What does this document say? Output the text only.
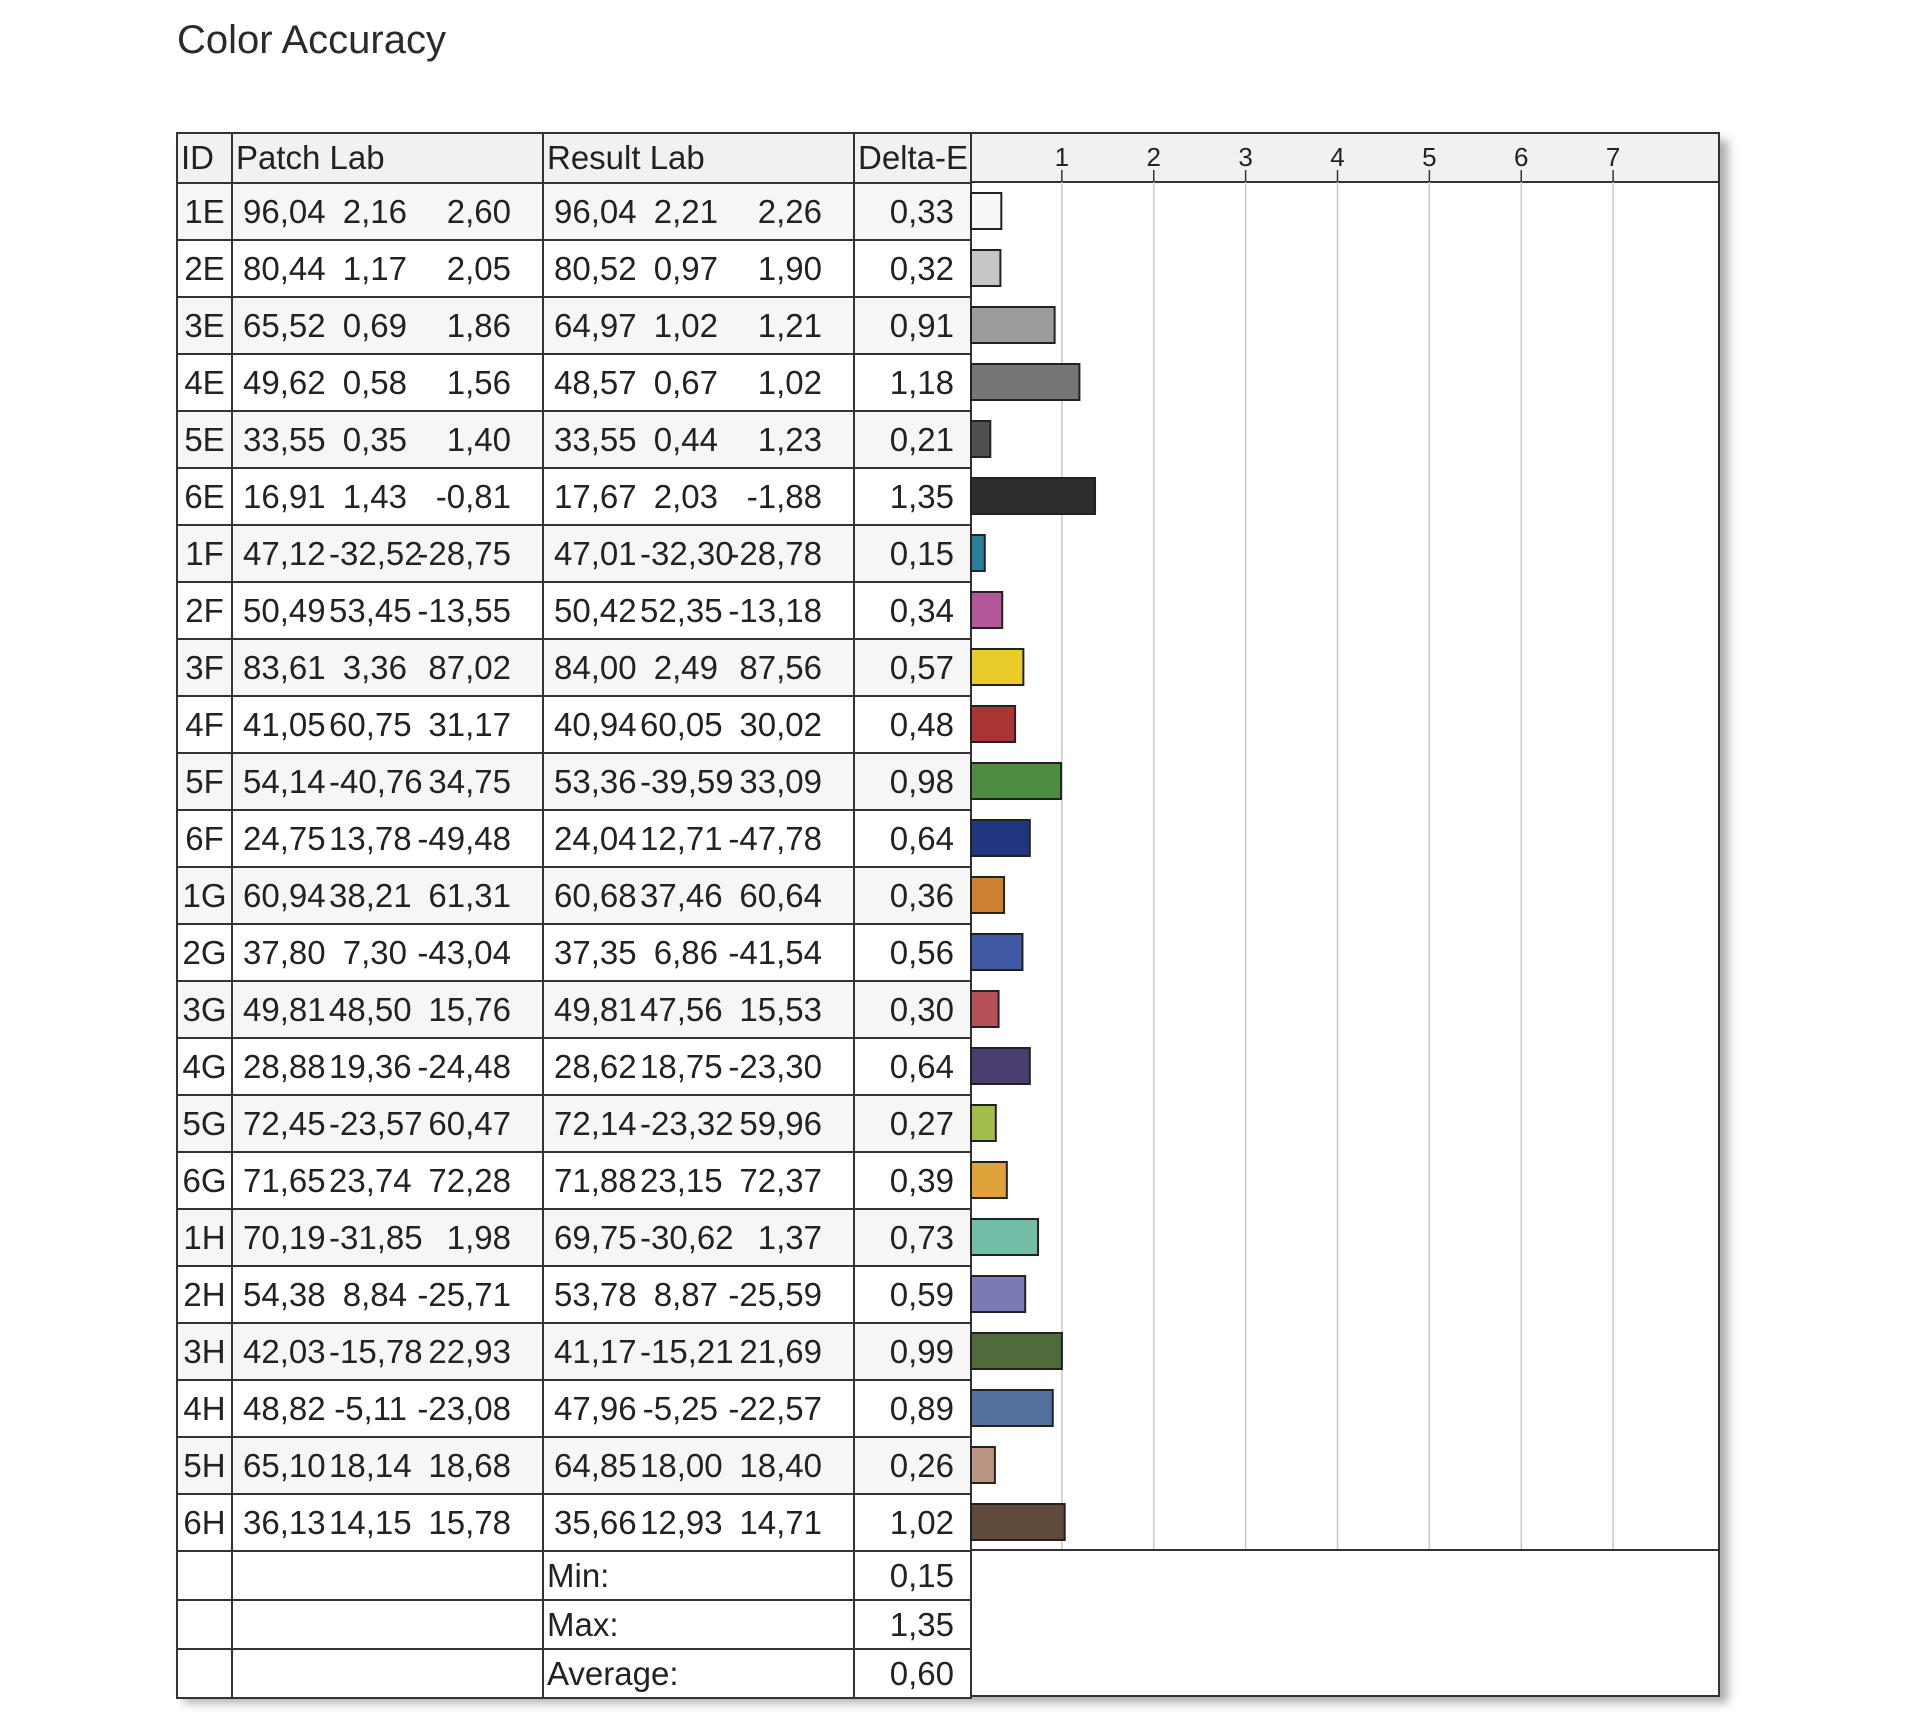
Color Accuracy
ID	Patch Lab	Result Lab	Delta-E
1E	96,04 2,16 2,60	96,04 2,21 2,26	0,33
2E	80,44 1,17 2,05	80,52 0,97 1,90	0,32
3E	65,52 0,69 1,86	64,97 1,02 1,21	0,91
4E	49,62 0,58 1,56	48,57 0,67 1,02	1,18
5E	33,55 0,35 1,40	33,55 0,44 1,23	0,21
6E	16,91 1,43 -0,81	17,67 2,03 -1,88	1,35
1F	47,12 -32,52-28,75	47,01 -32,30-28,78	0,15
2F	50,49 53,45 -13,55	50,42 52,35 -13,18	0,34
3F	83,61 3,36 87,02	84,00 2,49 87,56	0,57
4F	41,05 60,75 31,17	40,94 60,05 30,02	0,48
5F	54,14 -40,76 34,75	53,36 -39,59 33,09	0,98
6F	24,75 13,78 -49,48	24,04 12,71 -47,78	0,64
1G	60,94 38,21 61,31	60,68 37,46 60,64	0,36
2G	37,80 7,30 -43,04	37,35 6,86 -41,54	0,56
3G	49,81 48,50 15,76	49,81 47,56 15,53	0,30
4G	28,88 19,36 -24,48	28,62 18,75 -23,30	0,64
5G	72,45 -23,57 60,47	72,14 -23,32 59,96	0,27
6G	71,65 23,74 72,28	71,88 23,15 72,37	0,39
1H	70,19 -31,85 1,98	69,75 -30,62 1,37	0,73
2H	54,38 8,84 -25,71	53,78 8,87 -25,59	0,59
3H	42,03 -15,78 22,93	41,17 -15,21 21,69	0,99
4H	48,82 -5,11 -23,08	47,96 -5,25 -22,57	0,89
5H	65,10 18,14 18,68	64,85 18,00 18,40	0,26
6H	36,13 14,15 15,78	35,66 12,93 14,71	1,02
		Min:	0,15
		Max:	1,35
		Average:	0,60
1	2	3	4	5	6	7
